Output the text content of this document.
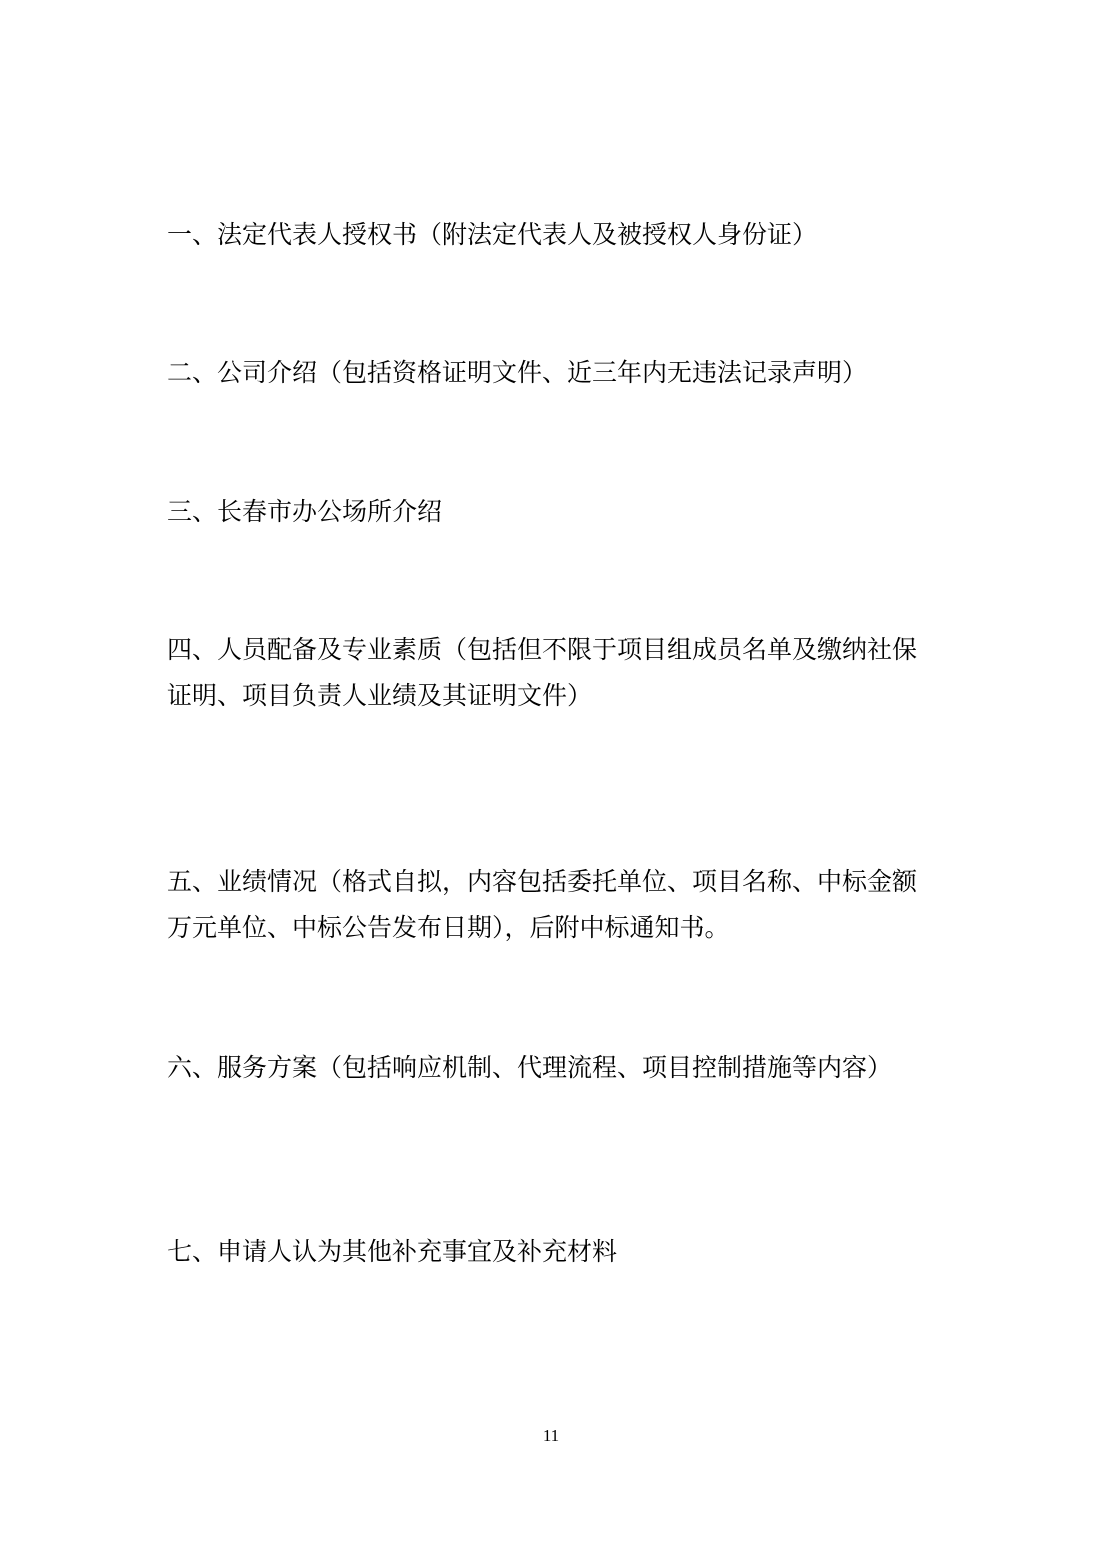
一、法定代表人授权书（附法定代表人及被授权人身份证）

二、公司介绍（包括资格证明文件、近三年内无违法记录声明）

三、长春市办公场所介绍

四、人员配备及专业素质（包括但不限于项目组成员名单及缴纳社保
证明、项目负责人业绩及其证明文件）

五、业绩情况（格式自拟，内容包括委托单位、项目名称、中标金额
万元单位、中标公告发布日期），后附中标通知书。

六、服务方案（包括响应机制、代理流程、项目控制措施等内容）

七、申请人认为其他补充事宜及补充材料

11
